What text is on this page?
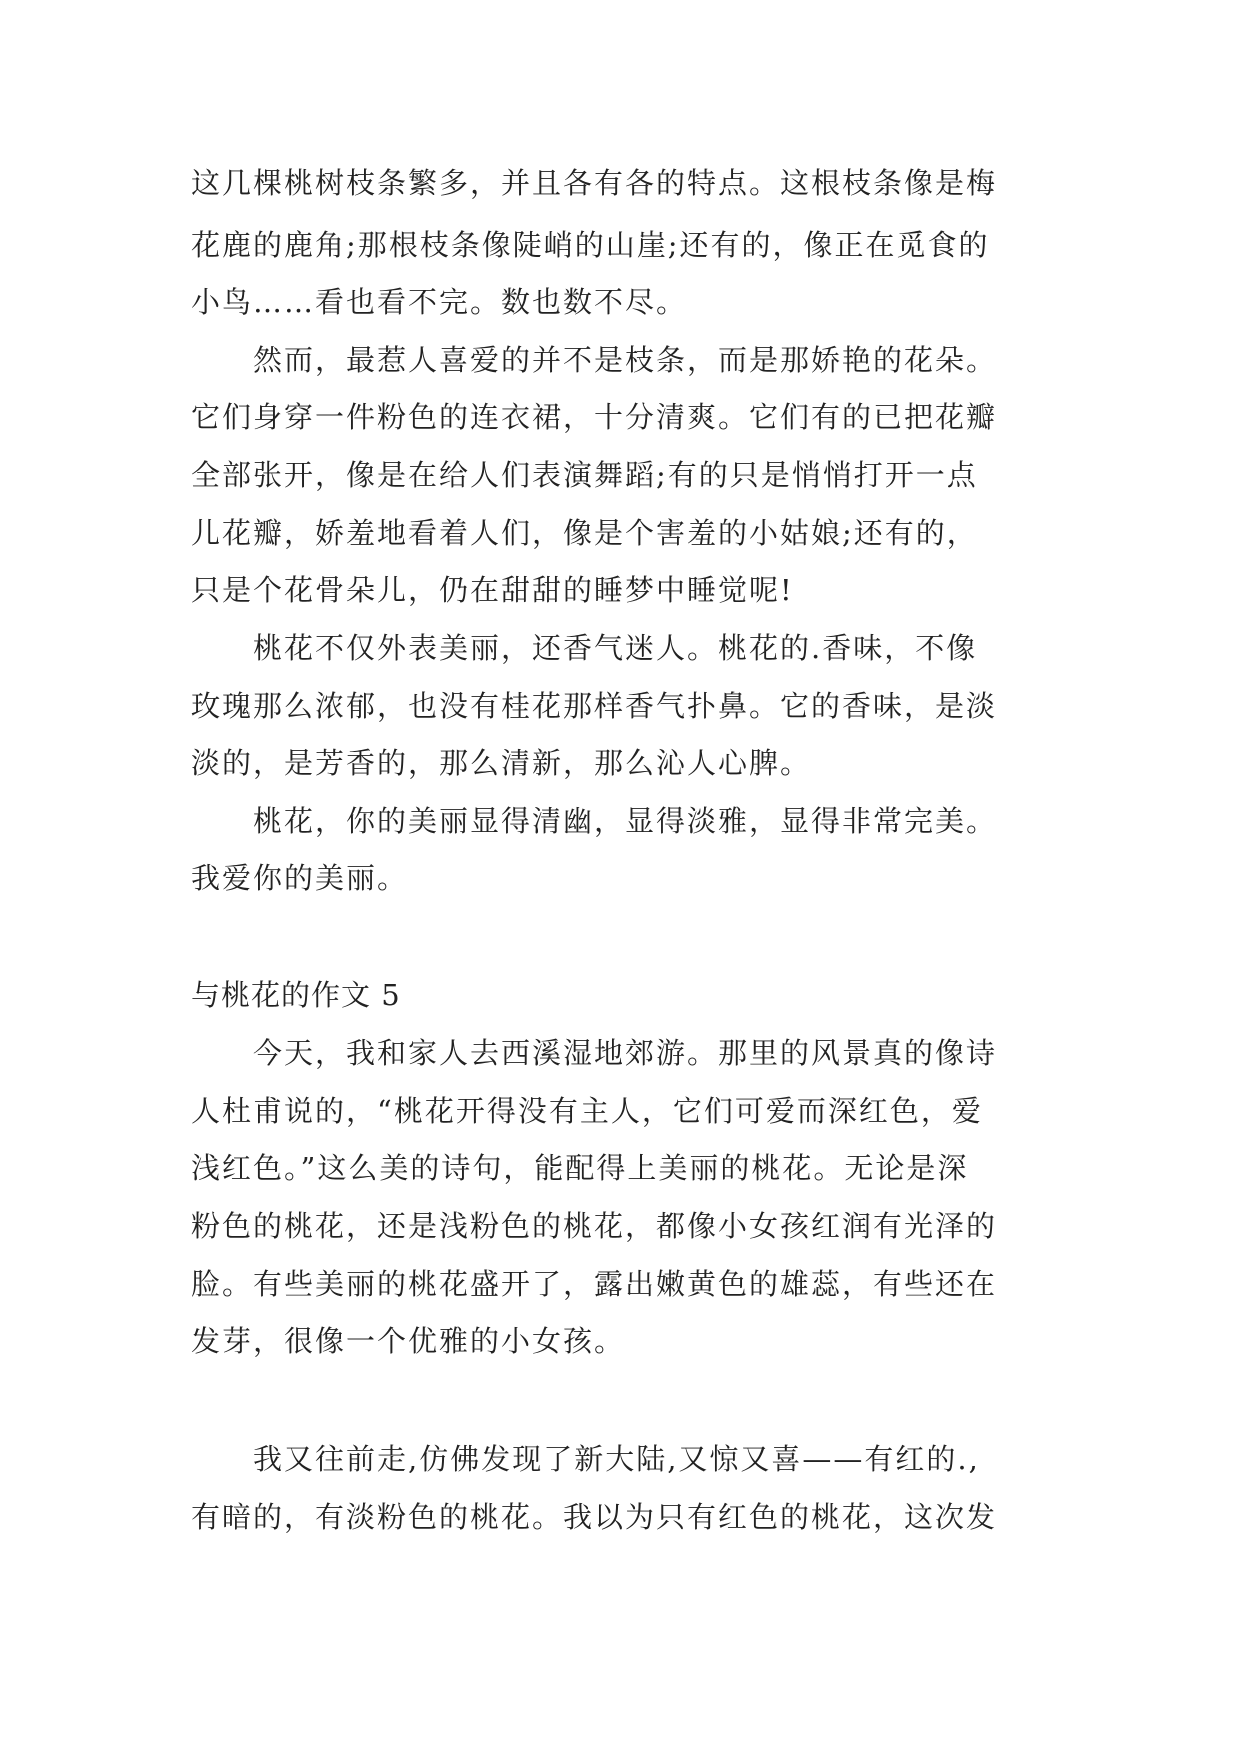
这几棵桃树枝条繁多，并且各有各的特点。这根枝条像是梅
花鹿的鹿角;那根枝条像陡峭的山崖;还有的，像正在觅食的
小鸟……看也看不完。数也数不尽。
然而，最惹人喜爱的并不是枝条，而是那娇艳的花朵。
它们身穿一件粉色的连衣裙，十分清爽。它们有的已把花瓣
全部张开，像是在给人们表演舞蹈;有的只是悄悄打开一点
儿花瓣，娇羞地看着人们，像是个害羞的小姑娘;还有的，
只是个花骨朵儿，仍在甜甜的睡梦中睡觉呢!
桃花不仅外表美丽，还香气迷人。桃花的.香味，不像
玫瑰那么浓郁，也没有桂花那样香气扑鼻。它的香味，是淡
淡的，是芳香的，那么清新，那么沁人心脾。
桃花，你的美丽显得清幽，显得淡雅，显得非常完美。
我爱你的美丽。
与桃花的作文 5
今天，我和家人去西溪湿地郊游。那里的风景真的像诗
人杜甫说的，“桃花开得没有主人，它们可爱而深红色，爱
浅红色。”这么美的诗句，能配得上美丽的桃花。无论是深
粉色的桃花，还是浅粉色的桃花，都像小女孩红润有光泽的
脸。有些美丽的桃花盛开了，露出嫩黄色的雄蕊，有些还在
发芽，很像一个优雅的小女孩。
我又往前走,仿佛发现了新大陆,又惊又喜——有红的.,
有暗的，有淡粉色的桃花。我以为只有红色的桃花，这次发
